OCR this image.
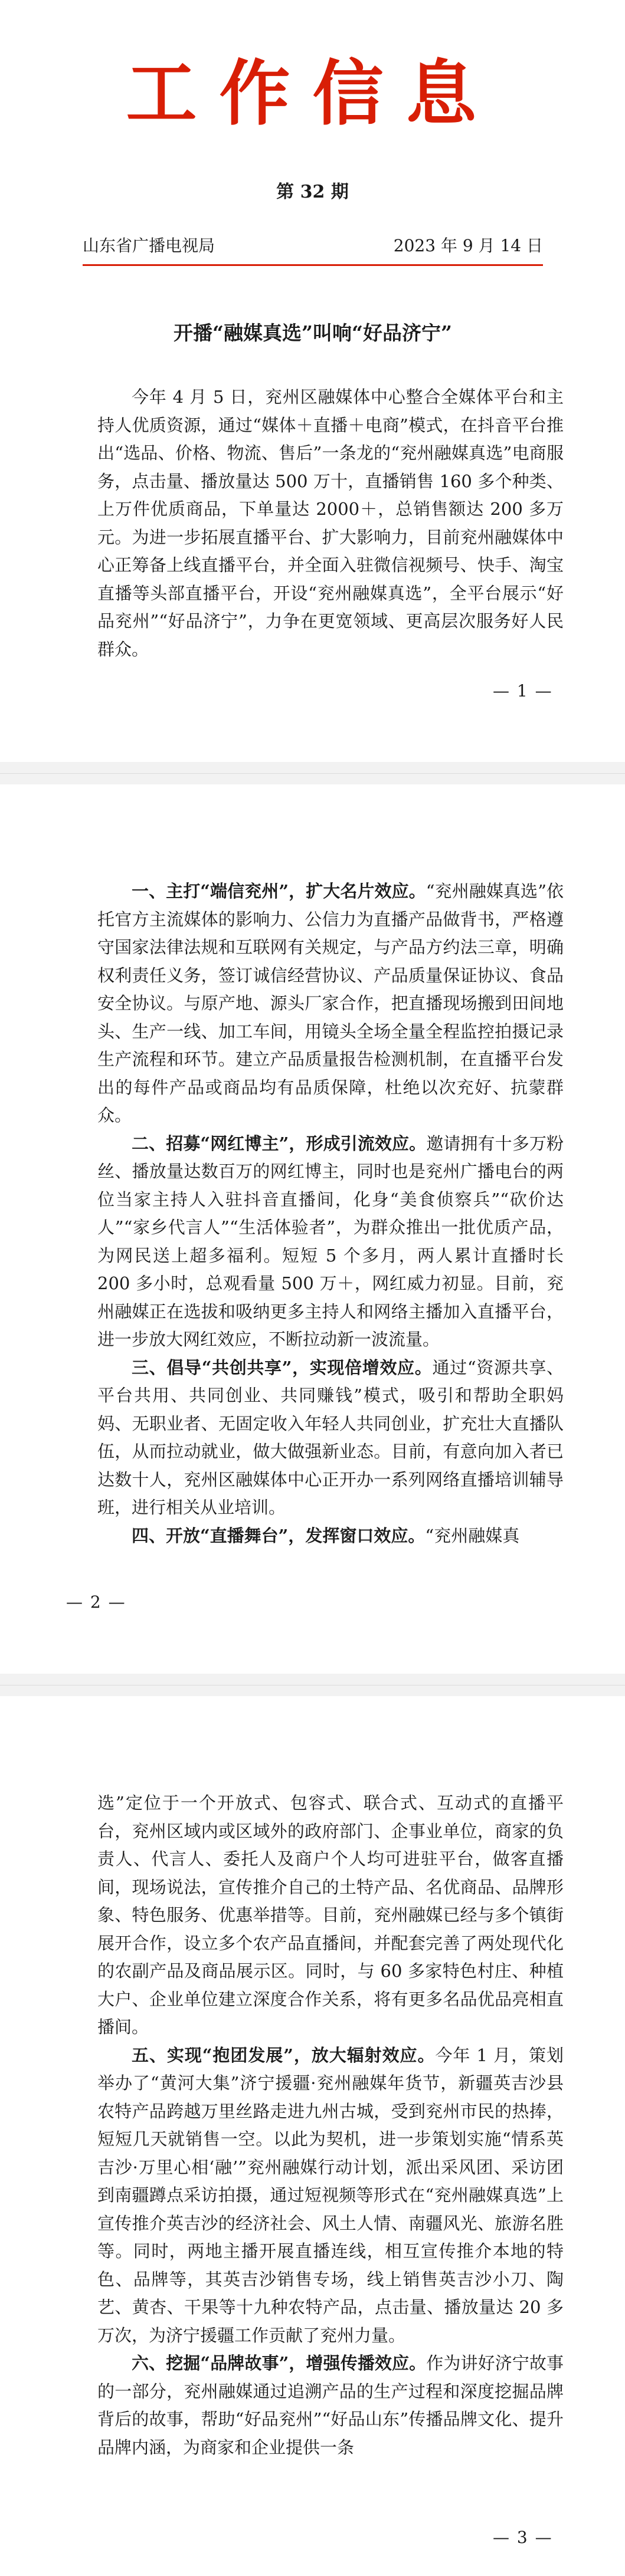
工作信息
第 32 期
山东省广播电视局	2023 年 9 月 14 日
开播“融媒真选”叫响“好品济宁”

今年 4 月 5 日，兖州区融媒体中心整合全媒体平台和主持人优质资源，通过“媒体＋直播＋电商”模式，在抖音平台推出“选品、价格、物流、售后”一条龙的“兖州融媒真选”电商服务，点击量、播放量达 500 万十，直播销售 160 多个种类、上万件优质商品，下单量达 2000＋，总销售额达 200 多万元。为进一步拓展直播平台、扩大影响力，目前兖州融媒体中心正筹备上线直播平台，并全面入驻微信视频号、快手、淘宝直播等头部直播平台，开设“兖州融媒真选”，全平台展示“好品兖州”“好品济宁”，力争在更宽领域、更高层次服务好人民群众。

— 1 —

一、主打“端信兖州”，扩大名片效应。“兖州融媒真选”依托官方主流媒体的影响力、公信力为直播产品做背书，严格遵守国家法律法规和互联网有关规定，与产品方约法三章，明确权利责任义务，签订诚信经营协议、产品质量保证协议、食品安全协议。与原产地、源头厂家合作，把直播现场搬到田间地头、生产一线、加工车间，用镜头全场全量全程监控拍摄记录生产流程和环节。建立产品质量报告检测机制，在直播平台发出的每件产品或商品均有品质保障，杜绝以次充好、抗蒙群众。

二、招募“网红博主”，形成引流效应。邀请拥有十多万粉丝、播放量达数百万的网红博主，同时也是兖州广播电台的两位当家主持人入驻抖音直播间，化身“美食侦察兵”“砍价达人”“家乡代言人”“生活体验者”，为群众推出一批优质产品，为网民送上超多福利。短短 5 个多月，两人累计直播时长 200 多小时，总观看量 500 万＋，网红威力初显。目前，兖州融媒正在选拔和吸纳更多主持人和网络主播加入直播平台，进一步放大网红效应，不断拉动新一波流量。

三、倡导“共创共享”，实现倍增效应。通过“资源共享、平台共用、共同创业、共同赚钱”模式，吸引和帮助全职妈妈、无职业者、无固定收入年轻人共同创业，扩充壮大直播队伍，从而拉动就业，做大做强新业态。目前，有意向加入者已达数十人，兖州区融媒体中心正开办一系列网络直播培训辅导班，进行相关从业培训。

四、开放“直播舞台”，发挥窗口效应。“兖州融媒真

— 2 —

选”定位于一个开放式、包容式、联合式、互动式的直播平台，兖州区域内或区域外的政府部门、企事业单位，商家的负责人、代言人、委托人及商户个人均可进驻平台，做客直播间，现场说法，宣传推介自己的土特产品、名优商品、品牌形象、特色服务、优惠举措等。目前，兖州融媒已经与多个镇街展开合作，设立多个农产品直播间，并配套完善了两处现代化的农副产品及商品展示区。同时，与 60 多家特色村庄、种植大户、企业单位建立深度合作关系，将有更多名品优品亮相直播间。

五、实现“抱团发展”，放大辐射效应。今年 1 月，策划举办了“黄河大集”济宁援疆·兖州融媒年货节，新疆英吉沙县农特产品跨越万里丝路走进九州古城，受到兖州市民的热捧，短短几天就销售一空。以此为契机，进一步策划实施“情系英吉沙·万里心相‘融’”兖州融媒行动计划，派出采风团、采访团到南疆蹲点采访拍摄，通过短视频等形式在“兖州融媒真选”上宣传推介英吉沙的经济社会、风土人情、南疆风光、旅游名胜等。同时，两地主播开展直播连线，相互宣传推介本地的特色、品牌等，其英吉沙销售专场，线上销售英吉沙小刀、陶艺、黄杏、干果等十九种农特产品，点击量、播放量达 20 多万次，为济宁援疆工作贡献了兖州力量。

六、挖掘“品牌故事”，增强传播效应。作为讲好济宁故事的一部分，兖州融媒通过追溯产品的生产过程和深度挖掘品牌背后的故事，帮助“好品兖州”“好品山东”传播品牌文化、提升品牌内涵，为商家和企业提供一条

— 3 —
